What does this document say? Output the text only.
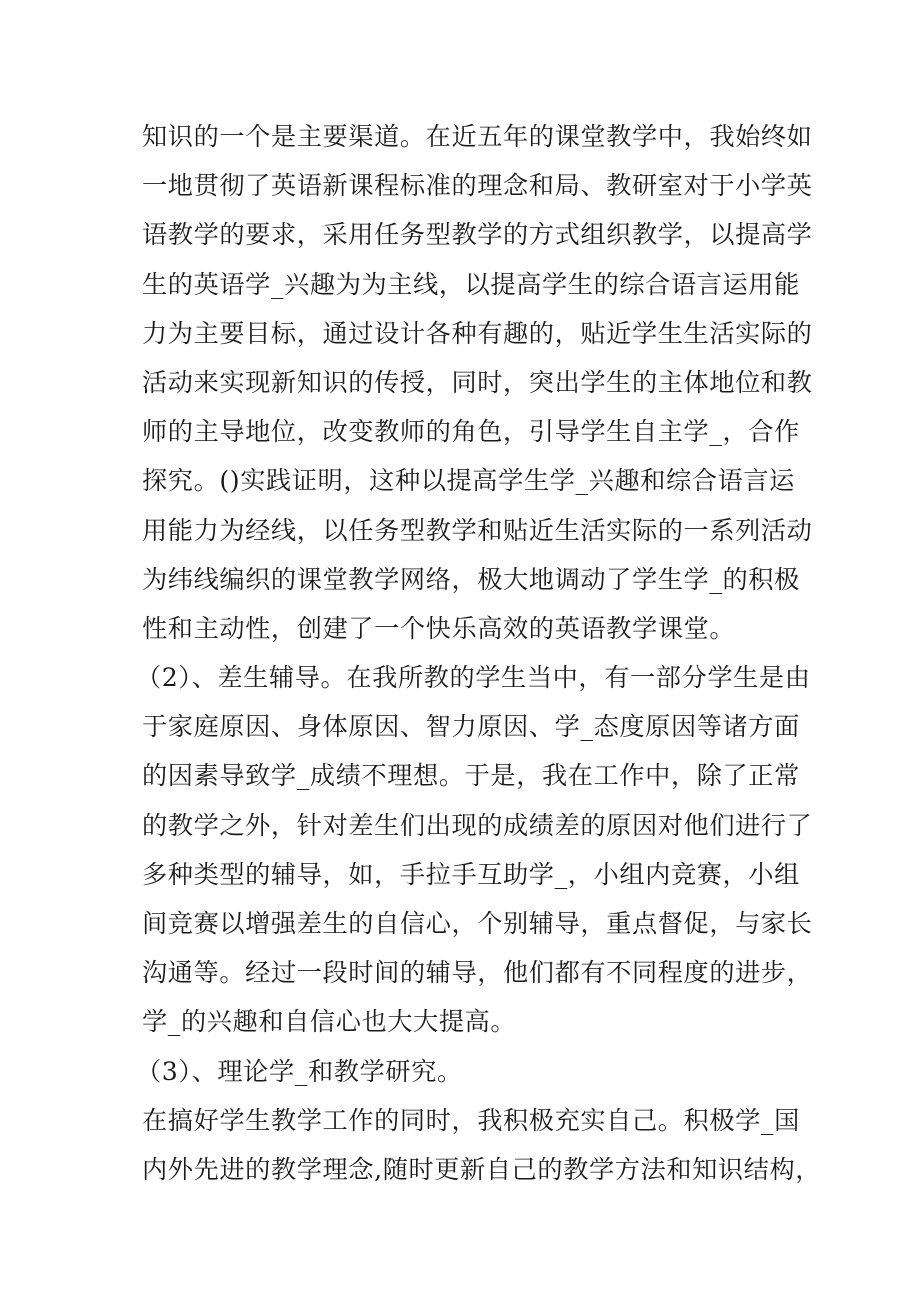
知识的一个是主要渠道。在近五年的课堂教学中，我始终如
一地贯彻了英语新课程标准的理念和局、教研室对于小学英
语教学的要求，采用任务型教学的方式组织教学，以提高学
生的英语学_兴趣为为主线，以提高学生的综合语言运用能
力为主要目标，通过设计各种有趣的，贴近学生生活实际的
活动来实现新知识的传授，同时，突出学生的主体地位和教
师的主导地位，改变教师的角色，引导学生自主学_，合作
探究。()实践证明，这种以提高学生学_兴趣和综合语言运
用能力为经线，以任务型教学和贴近生活实际的一系列活动
为纬线编织的课堂教学网络，极大地调动了学生学_的积极
性和主动性，创建了一个快乐高效的英语教学课堂。
（2）、差生辅导。在我所教的学生当中，有一部分学生是由
于家庭原因、身体原因、智力原因、学_态度原因等诸方面
的因素导致学_成绩不理想。于是，我在工作中，除了正常
的教学之外，针对差生们出现的成绩差的原因对他们进行了
多种类型的辅导，如，手拉手互助学_，小组内竞赛，小组
间竞赛以增强差生的自信心，个别辅导，重点督促，与家长
沟通等。经过一段时间的辅导，他们都有不同程度的进步，
学_的兴趣和自信心也大大提高。
（3）、理论学_和教学研究。
在搞好学生教学工作的同时，我积极充实自己。积极学_国
内外先进的教学理念,随时更新自己的教学方法和知识结构，
